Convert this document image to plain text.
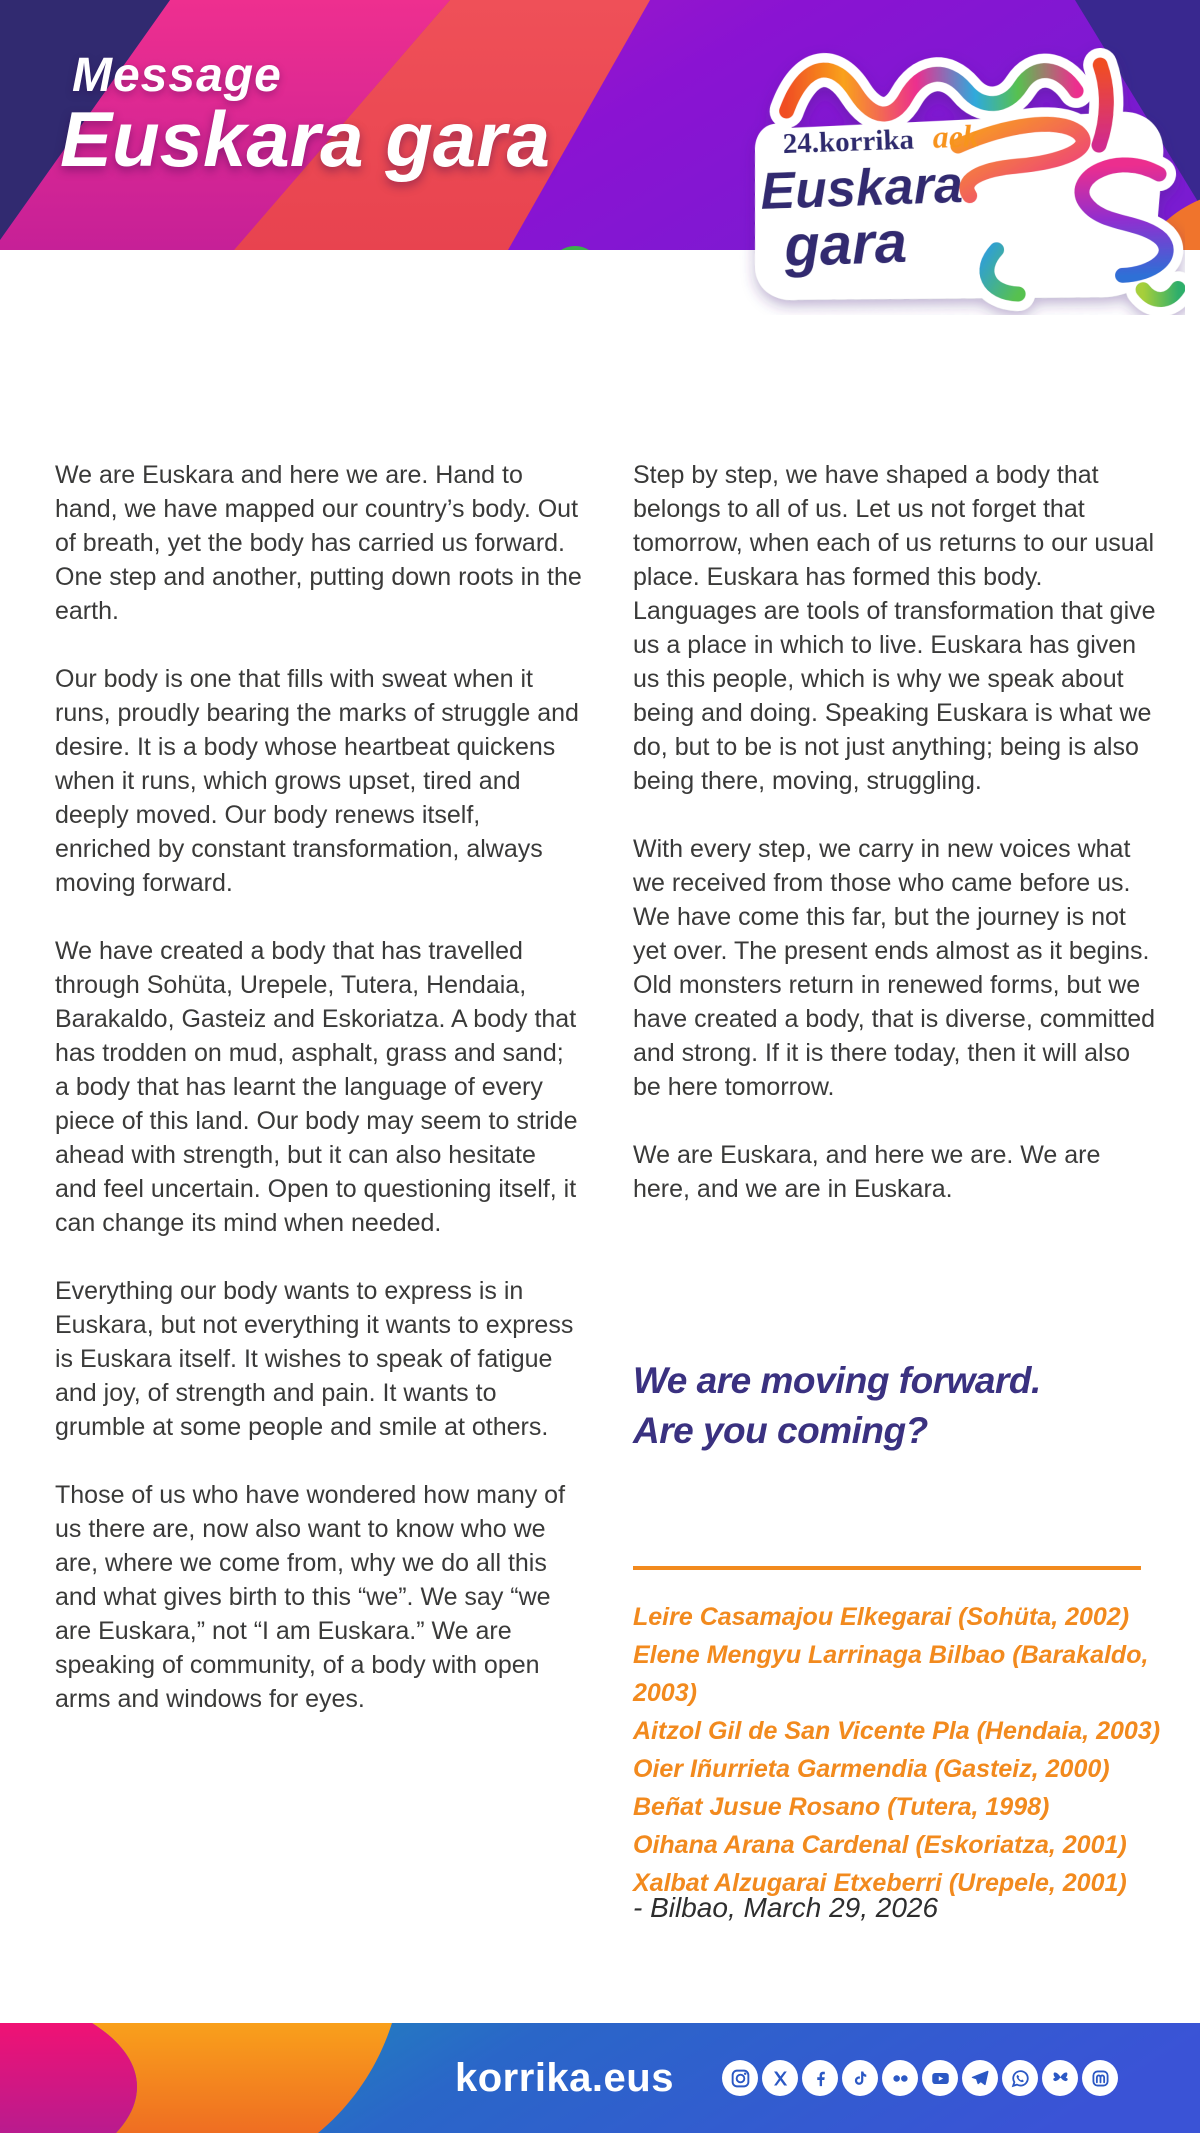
Message
Euskara gara	24.korrika aek
Euskara
gara

We are Euskara and here we are. Hand to hand, we have mapped our country’s body. Out of breath, yet the body has carried us forward. One step and another, putting down roots in the earth.

Our body is one that fills with sweat when it runs, proudly bearing the marks of struggle and desire. It is a body whose heartbeat quickens when it runs, which grows upset, tired and deeply moved. Our body renews itself, enriched by constant transformation, always moving forward.

We have created a body that has travelled through Sohüta, Urepele, Tutera, Hendaia, Barakaldo, Gasteiz and Eskoriatza. A body that has trodden on mud, asphalt, grass and sand; a body that has learnt the language of every piece of this land. Our body may seem to stride ahead with strength, but it can also hesitate and feel uncertain. Open to questioning itself, it can change its mind when needed.

Everything our body wants to express is in Euskara, but not everything it wants to express is Euskara itself. It wishes to speak of fatigue and joy, of strength and pain. It wants to grumble at some people and smile at others.

Those of us who have wondered how many of us there are, now also want to know who we are, where we come from, why we do all this and what gives birth to this “we”. We say “we are Euskara,” not “I am Euskara.” We are speaking of community, of a body with open arms and windows for eyes.

Step by step, we have shaped a body that belongs to all of us. Let us not forget that tomorrow, when each of us returns to our usual place. Euskara has formed this body. Languages are tools of transformation that give us a place in which to live. Euskara has given us this people, which is why we speak about being and doing. Speaking Euskara is what we do, but to be is not just anything; being is also being there, moving, struggling.

With every step, we carry in new voices what we received from those who came before us. We have come this far, but the journey is not yet over. The present ends almost as it begins. Old monsters return in renewed forms, but we have created a body, that is diverse, committed and strong. If it is there today, then it will also be here tomorrow.

We are Euskara, and here we are. We are here, and we are in Euskara.

We are moving forward.
Are you coming?
Leire Casamajou Elkegarai (Sohüta, 2002)
Elene Mengyu Larrinaga Bilbao (Barakaldo, 2003)
Aitzol Gil de San Vicente Pla (Hendaia, 2003)
Oier Iñurrieta Garmendia (Gasteiz, 2000)
Beñat Jusue Rosano (Tutera, 1998)
Oihana Arana Cardenal (Eskoriatza, 2001)
Xalbat Alzugarai Etxeberri (Urepele, 2001)
- Bilbao, March 29, 2026
korrika.eus
